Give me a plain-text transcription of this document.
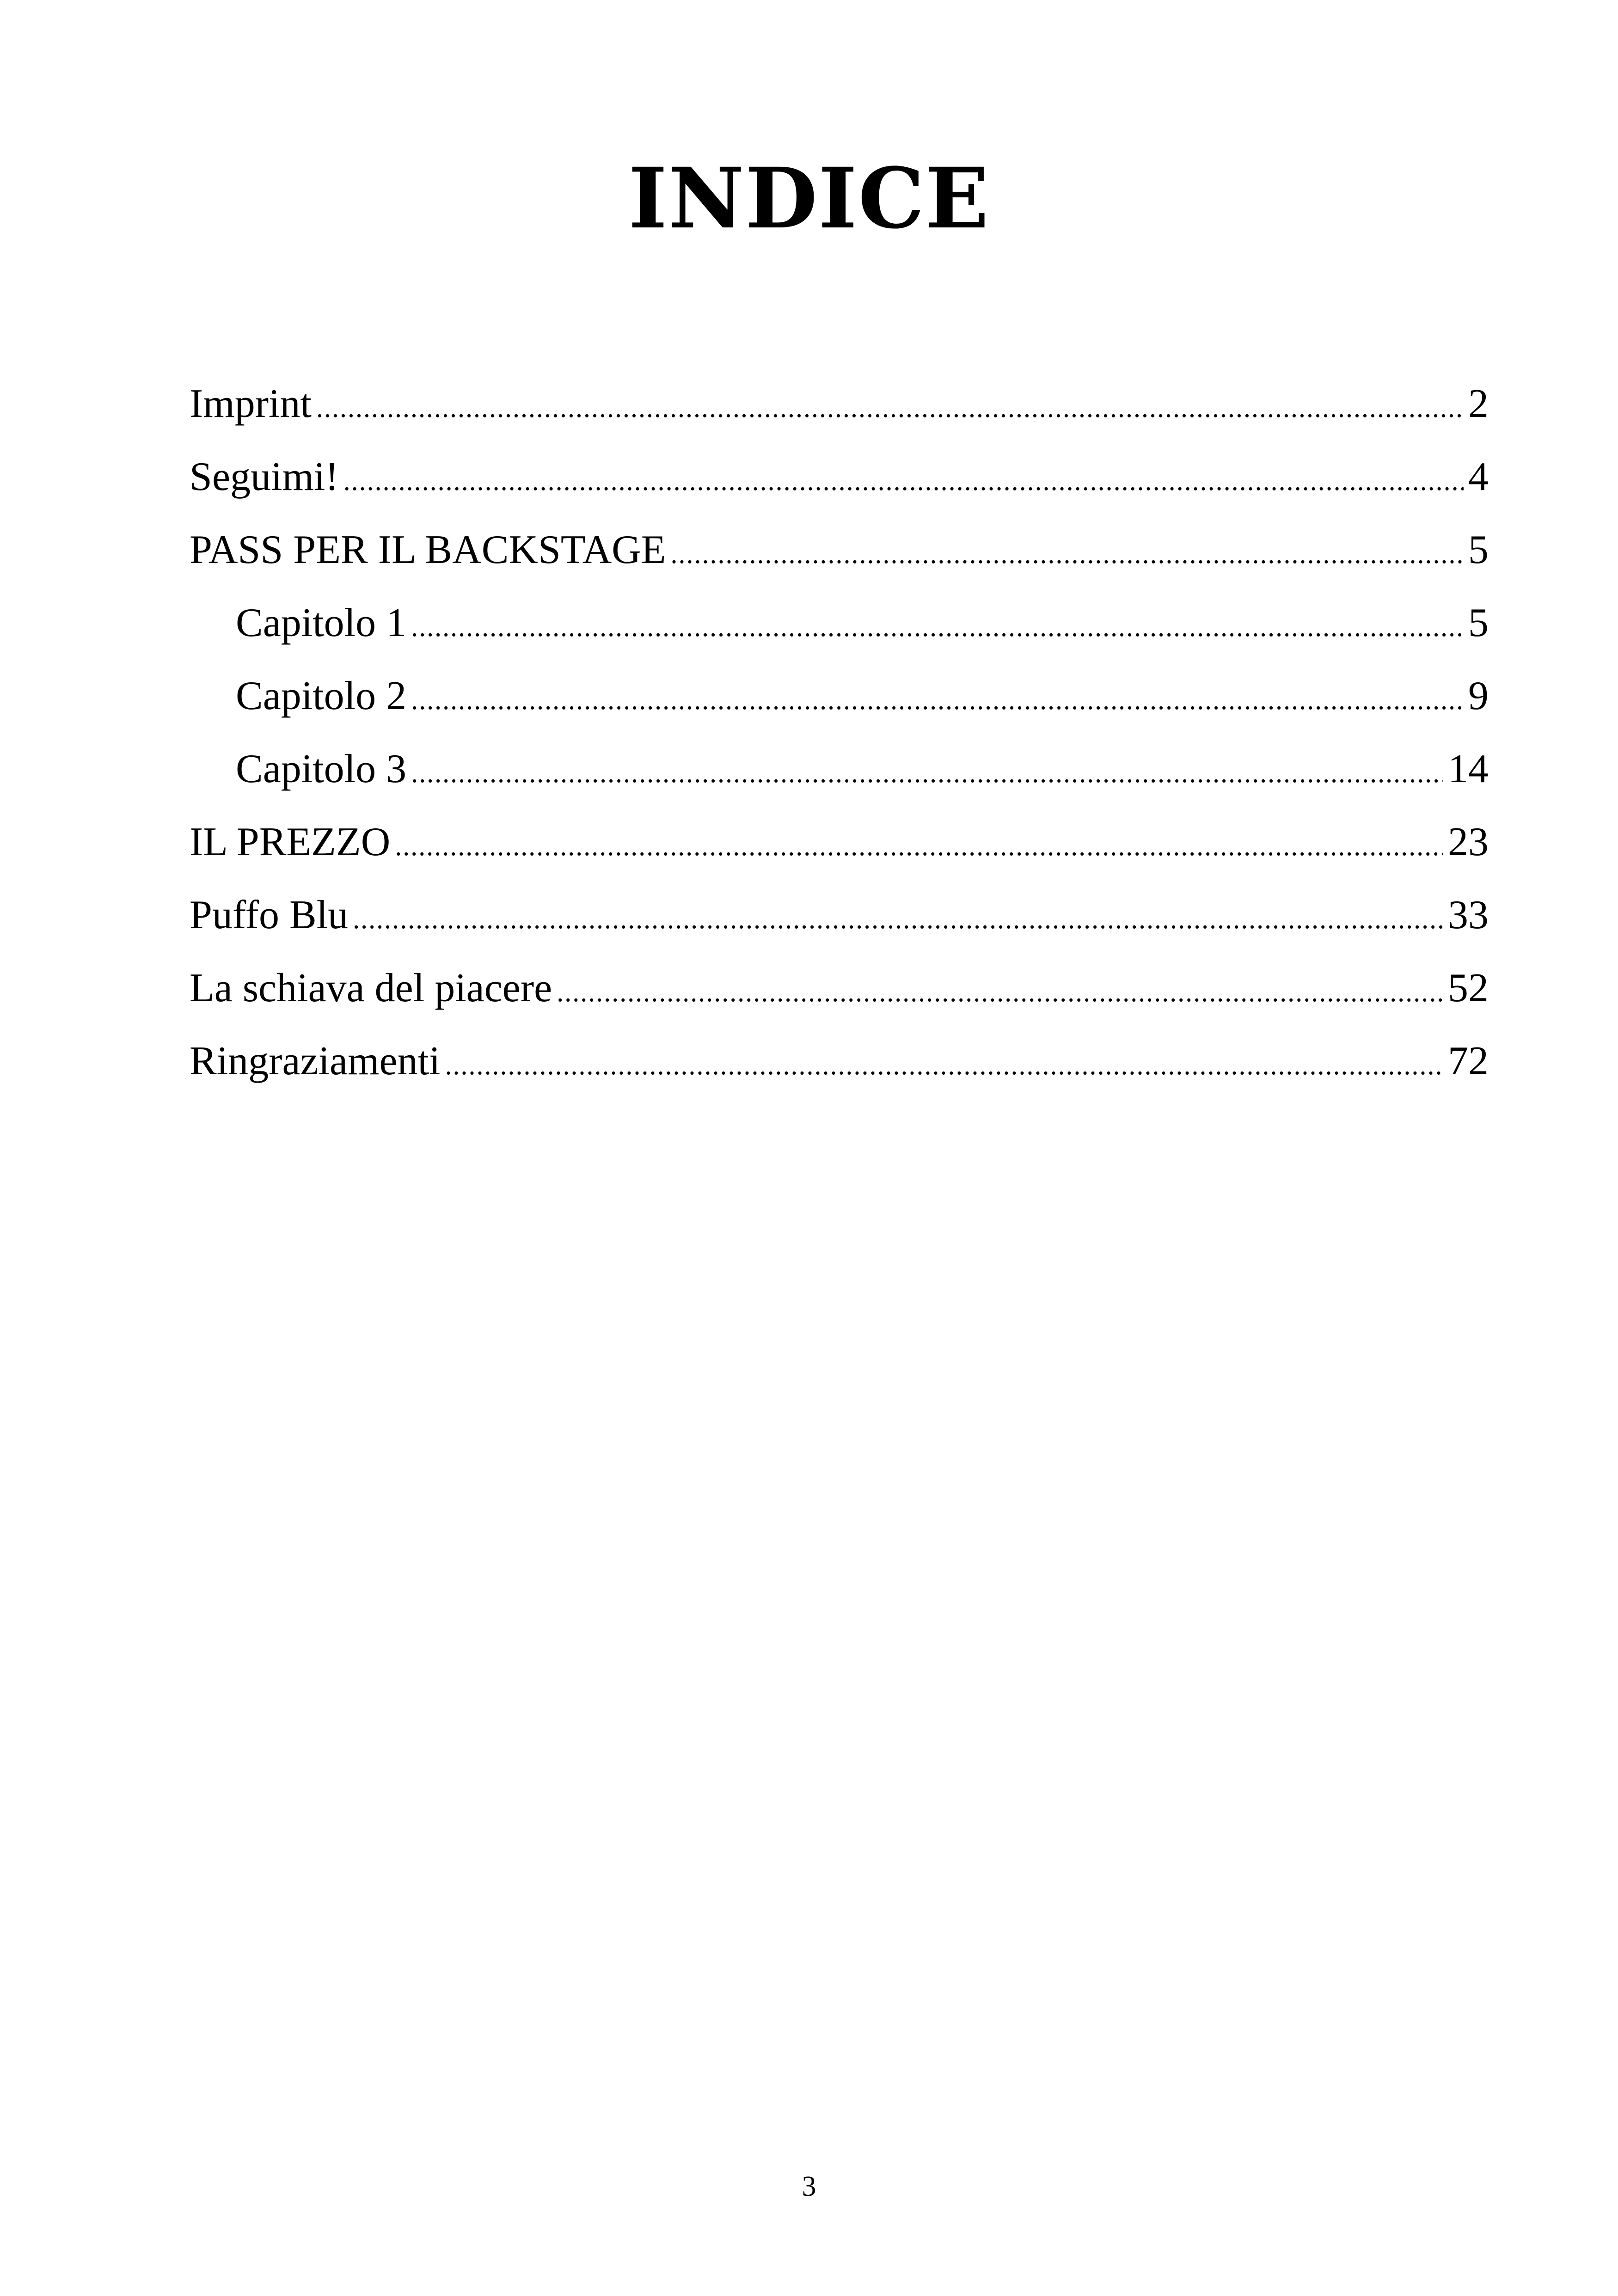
INDICE
Imprint .....	2
Seguimi! .....	4
PASS PER IL BACKSTAGE .....	5
Capitolo 1 .....	5
Capitolo 2 .....	9
Capitolo 3 .....	14
IL PREZZO .....	23
Puffo Blu .....	33
La schiava del piacere .....	52
Ringraziamenti .....	72
3
